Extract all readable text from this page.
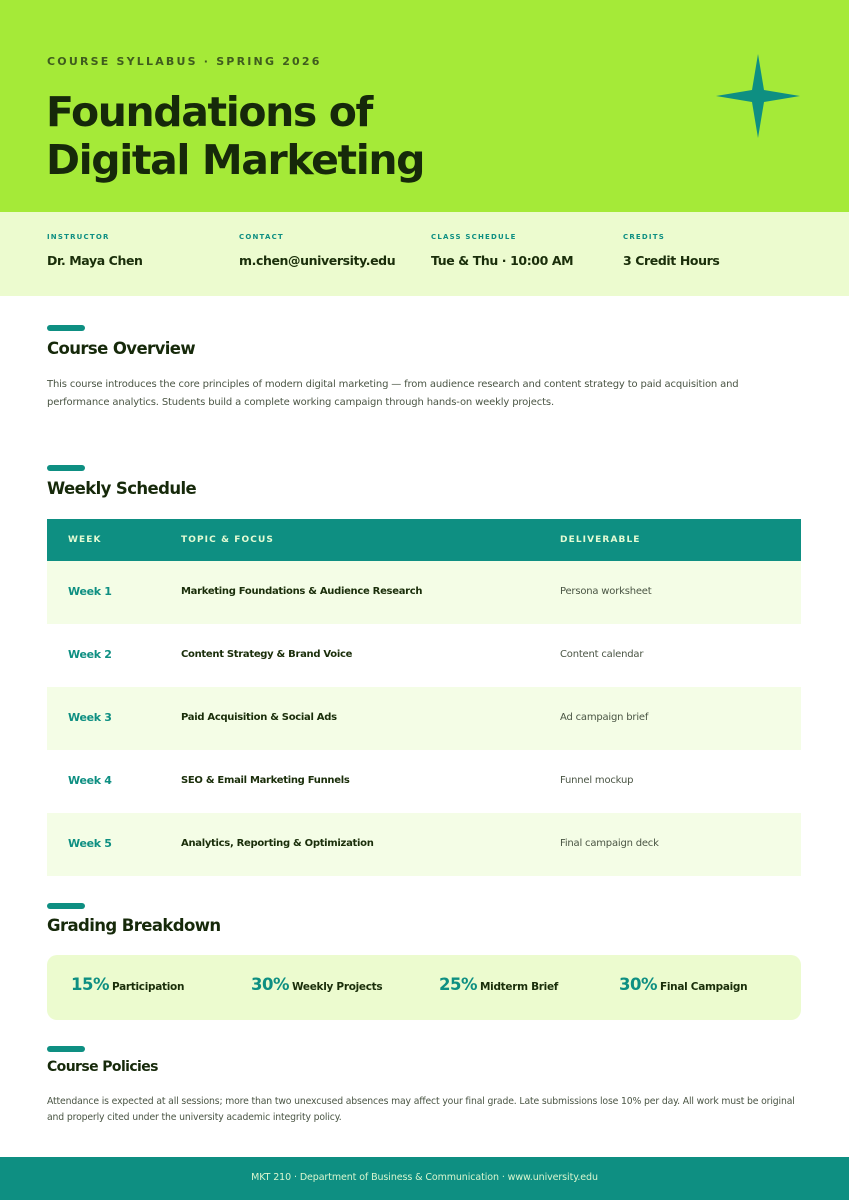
COURSE SYLLABUS · SPRING 2026
Foundations of
Digital Marketing
INSTRUCTOR
Dr. Maya Chen
CONTACT
m.chen@university.edu
CLASS SCHEDULE
Tue & Thu · 10:00 AM
CREDITS
3 Credit Hours
Course Overview
This course introduces the core principles of modern digital marketing — from audience research and content strategy to paid acquisition and performance analytics. Students build a complete working campaign through hands-on weekly projects.
Weekly Schedule
WEEK	TOPIC & FOCUS	DELIVERABLE
Week 1	Marketing Foundations & Audience Research	Persona worksheet
Week 2	Content Strategy & Brand Voice	Content calendar
Week 3	Paid Acquisition & Social Ads	Ad campaign brief
Week 4	SEO & Email Marketing Funnels	Funnel mockup
Week 5	Analytics, Reporting & Optimization	Final campaign deck
Grading Breakdown
15% Participation	30% Weekly Projects	25% Midterm Brief	30% Final Campaign
Course Policies
Attendance is expected at all sessions; more than two unexcused absences may affect your final grade. Late submissions lose 10% per day. All work must be original and properly cited under the university academic integrity policy.
MKT 210 · Department of Business & Communication · www.university.edu
